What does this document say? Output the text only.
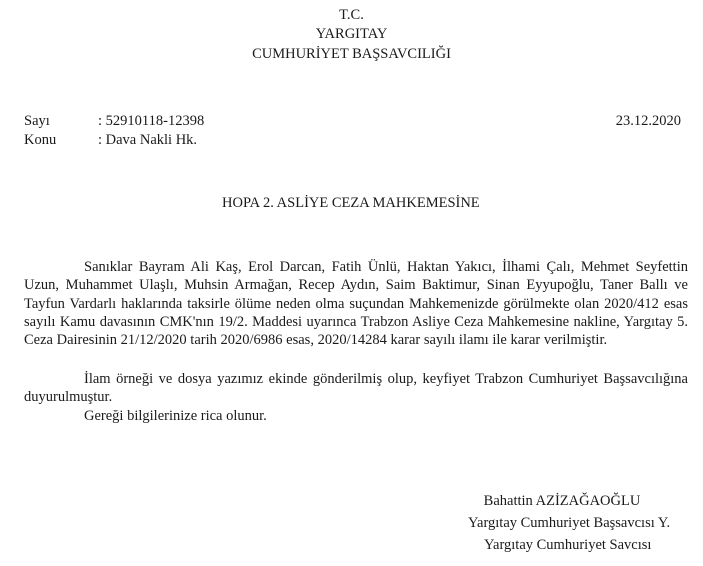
T.C.
YARGITAY
CUMHURİYET BAŞSAVCILIĞI
Sayı	: 52910118-12398	23.12.2020
Konu	: Dava Nakli Hk.
HOPA 2. ASLİYE CEZA MAHKEMESİNE
Sanıklar Bayram Ali Kaş, Erol Darcan, Fatih Ünlü, Haktan Yakıcı, İlhami Çalı, Mehmet Seyfettin Uzun, Muhammet Ulaşlı, Muhsin Armağan, Recep Aydın, Saim Baktimur, Sinan Eyyupoğlu, Taner Ballı ve Tayfun Vardarlı haklarında taksirle ölüme neden olma suçundan Mahkemenizde görülmekte olan 2020/412 esas sayılı Kamu davasının CMK'nın 19/2. Maddesi uyarınca Trabzon Asliye Ceza Mahkemesine nakline, Yargıtay 5. Ceza Dairesinin 21/12/2020 tarih 2020/6986 esas, 2020/14284 karar sayılı ilamı ile karar verilmiştir.
İlam örneği ve dosya yazımız ekinde gönderilmiş olup, keyfiyet Trabzon Cumhuriyet Başsavcılığına duyurulmuştur.
Gereği bilgilerinize rica olunur.
Bahattin AZİZAĞAOĞLU
Yargıtay Cumhuriyet Başsavcısı Y.
Yargıtay Cumhuriyet Savcısı
